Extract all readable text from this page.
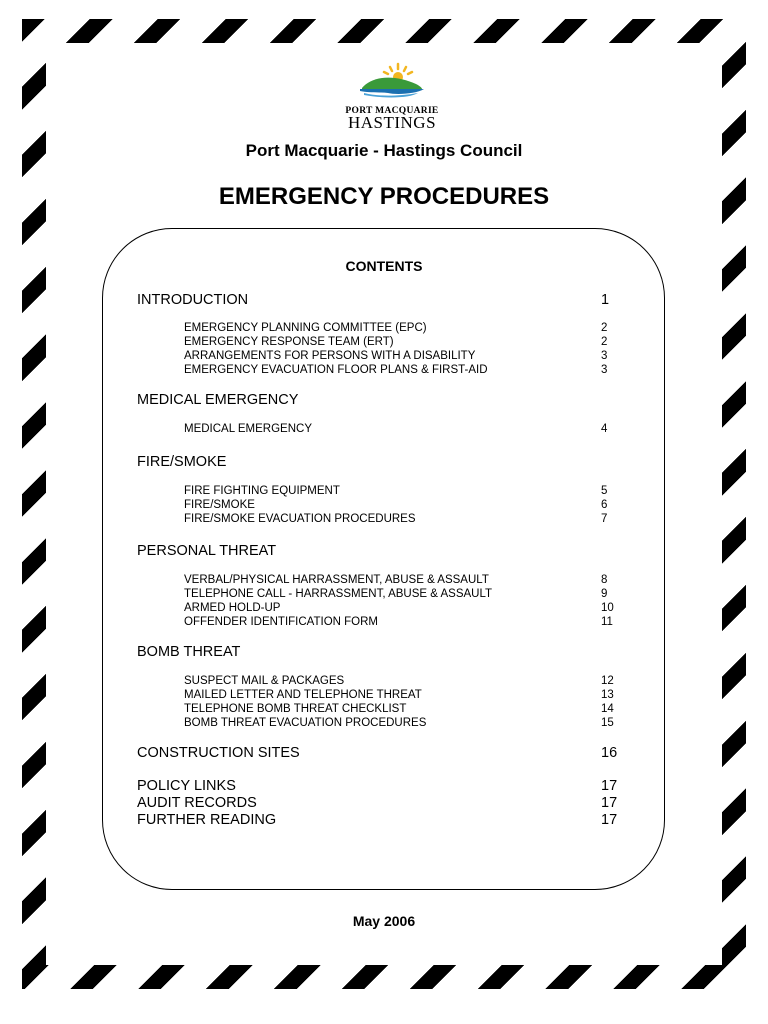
PORT MACQUARIE
HASTINGS
Port Macquarie - Hastings Council
EMERGENCY PROCEDURES
CONTENTS
INTRODUCTION	1
EMERGENCY PLANNING COMMITTEE (EPC)	2
EMERGENCY RESPONSE TEAM (ERT)	2
ARRANGEMENTS FOR PERSONS WITH A DISABILITY	3
EMERGENCY EVACUATION FLOOR PLANS & FIRST-AID	3
MEDICAL EMERGENCY
MEDICAL EMERGENCY	4
FIRE/SMOKE
FIRE FIGHTING EQUIPMENT	5
FIRE/SMOKE	6
FIRE/SMOKE EVACUATION PROCEDURES	7
PERSONAL THREAT
VERBAL/PHYSICAL HARRASSMENT, ABUSE & ASSAULT	8
TELEPHONE CALL - HARRASSMENT, ABUSE & ASSAULT	9
ARMED HOLD-UP	10
OFFENDER IDENTIFICATION FORM	11
BOMB THREAT
SUSPECT MAIL & PACKAGES	12
MAILED LETTER AND TELEPHONE THREAT	13
TELEPHONE BOMB THREAT CHECKLIST	14
BOMB THREAT EVACUATION PROCEDURES	15
CONSTRUCTION SITES	16
POLICY LINKS	17
AUDIT RECORDS	17
FURTHER READING	17
May 2006
